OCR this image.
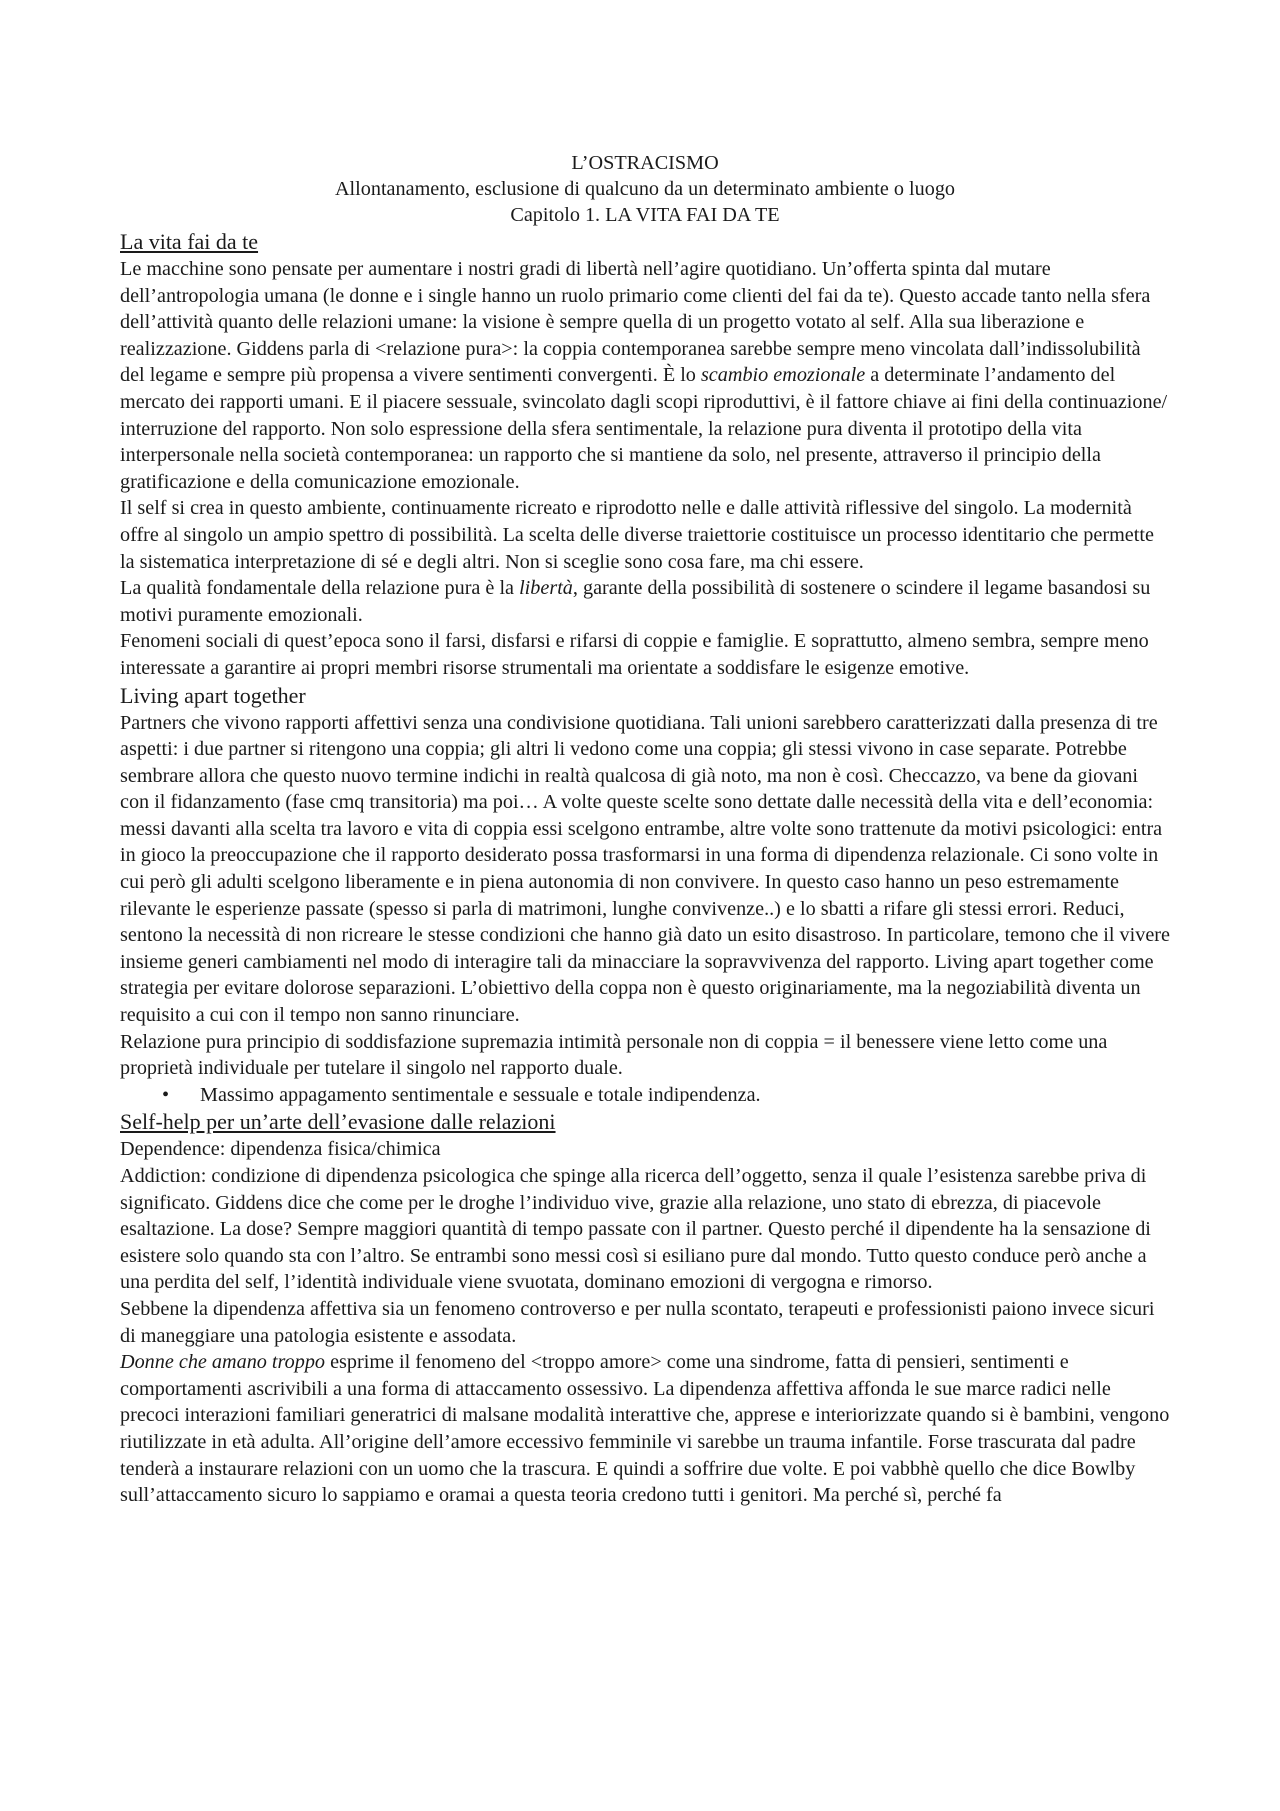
L’OSTRACISMO
Allontanamento, esclusione di qualcuno da un determinato ambiente o luogo
Capitolo 1. LA VITA FAI DA TE
La vita fai da te

Le macchine sono pensate per aumentare i nostri gradi di libertà nell’agire quotidiano. Un’offerta spinta dal mutare dell’antropologia umana (le donne e i single hanno un ruolo primario come clienti del fai da te). Questo accade tanto nella sfera dell’attività quanto delle relazioni umane: la visione è sempre quella di un progetto votato al self. Alla sua liberazione e realizzazione. Giddens parla di <relazione pura>: la coppia contemporanea sarebbe sempre meno vincolata dall’indissolubilità del legame e sempre più propensa a vivere sentimenti convergenti. È lo scambio emozionale a determinate l’andamento del mercato dei rapporti umani. E il piacere sessuale, svincolato dagli scopi riproduttivi, è il fattore chiave ai fini della continuazione/ interruzione del rapporto. Non solo espressione della sfera sentimentale, la relazione pura diventa il prototipo della vita interpersonale nella società contemporanea: un rapporto che si mantiene da solo, nel presente, attraverso il principio della gratificazione e della comunicazione emozionale.

Il self si crea in questo ambiente, continuamente ricreato e riprodotto nelle e dalle attività riflessive del singolo. La modernità offre al singolo un ampio spettro di possibilità. La scelta delle diverse traiettorie costituisce un processo identitario che permette la sistematica interpretazione di sé e degli altri. Non si sceglie sono cosa fare, ma chi essere.

La qualità fondamentale della relazione pura è la libertà, garante della possibilità di sostenere o scindere il legame basandosi su motivi puramente emozionali.

Fenomeni sociali di quest’epoca sono il farsi, disfarsi e rifarsi di coppie e famiglie. E soprattutto, almeno sembra, sempre meno interessate a garantire ai propri membri risorse strumentali ma orientate a soddisfare le esigenze emotive.

Living apart together

Partners che vivono rapporti affettivi senza una condivisione quotidiana. Tali unioni sarebbero caratterizzati dalla presenza di tre aspetti: i due partner si ritengono una coppia; gli altri li vedono come una coppia; gli stessi vivono in case separate. Potrebbe sembrare allora che questo nuovo termine indichi in realtà qualcosa di già noto, ma non è così. Checcazzo, va bene da giovani con il fidanzamento (fase cmq transitoria) ma poi… A volte queste scelte sono dettate dalle necessità della vita e dell’economia: messi davanti alla scelta tra lavoro e vita di coppia essi scelgono entrambe, altre volte sono trattenute da motivi psicologici: entra in gioco la preoccupazione che il rapporto desiderato possa trasformarsi in una forma di dipendenza relazionale. Ci sono volte in cui però gli adulti scelgono liberamente e in piena autonomia di non convivere. In questo caso hanno un peso estremamente rilevante le esperienze passate (spesso si parla di matrimoni, lunghe convivenze..) e lo sbatti a rifare gli stessi errori. Reduci, sentono la necessità di non ricreare le stesse condizioni che hanno già dato un esito disastroso. In particolare, temono che il vivere insieme generi cambiamenti nel modo di interagire tali da minacciare la sopravvivenza del rapporto. Living apart together come strategia per evitare dolorose separazioni. L’obiettivo della coppa non è questo originariamente, ma la negoziabilità diventa un requisito a cui con il tempo non sanno rinunciare.

Relazione pura principio di soddisfazione supremazia intimità personale non di coppia = il benessere viene letto come una proprietà individuale per tutelare il singolo nel rapporto duale.

• Massimo appagamento sentimentale e sessuale e totale indipendenza.

Self-help per un’arte dell’evasione dalle relazioni

Dependence: dipendenza fisica/chimica

Addiction: condizione di dipendenza psicologica che spinge alla ricerca dell’oggetto, senza il quale l’esistenza sarebbe priva di significato. Giddens dice che come per le droghe l’individuo vive, grazie alla relazione, uno stato di ebrezza, di piacevole esaltazione. La dose? Sempre maggiori quantità di tempo passate con il partner. Questo perché il dipendente ha la sensazione di esistere solo quando sta con l’altro. Se entrambi sono messi così si esiliano pure dal mondo. Tutto questo conduce però anche a una perdita del self, l’identità individuale viene svuotata, dominano emozioni di vergogna e rimorso.

Sebbene la dipendenza affettiva sia un fenomeno controverso e per nulla scontato, terapeuti e professionisti paiono invece sicuri di maneggiare una patologia esistente e assodata.

Donne che amano troppo esprime il fenomeno del <troppo amore> come una sindrome, fatta di pensieri, sentimenti e comportamenti ascrivibili a una forma di attaccamento ossessivo. La dipendenza affettiva affonda le sue marce radici nelle precoci interazioni familiari generatrici di malsane modalità interattive che, apprese e interiorizzate quando si è bambini, vengono riutilizzate in età adulta. All’origine dell’amore eccessivo femminile vi sarebbe un trauma infantile. Forse trascurata dal padre tenderà a instaurare relazioni con un uomo che la trascura. E quindi a soffrire due volte. E poi vabbhè quello che dice Bowlby sull’attaccamento sicuro lo sappiamo e oramai a questa teoria credono tutti i genitori. Ma perché sì, perché fa
